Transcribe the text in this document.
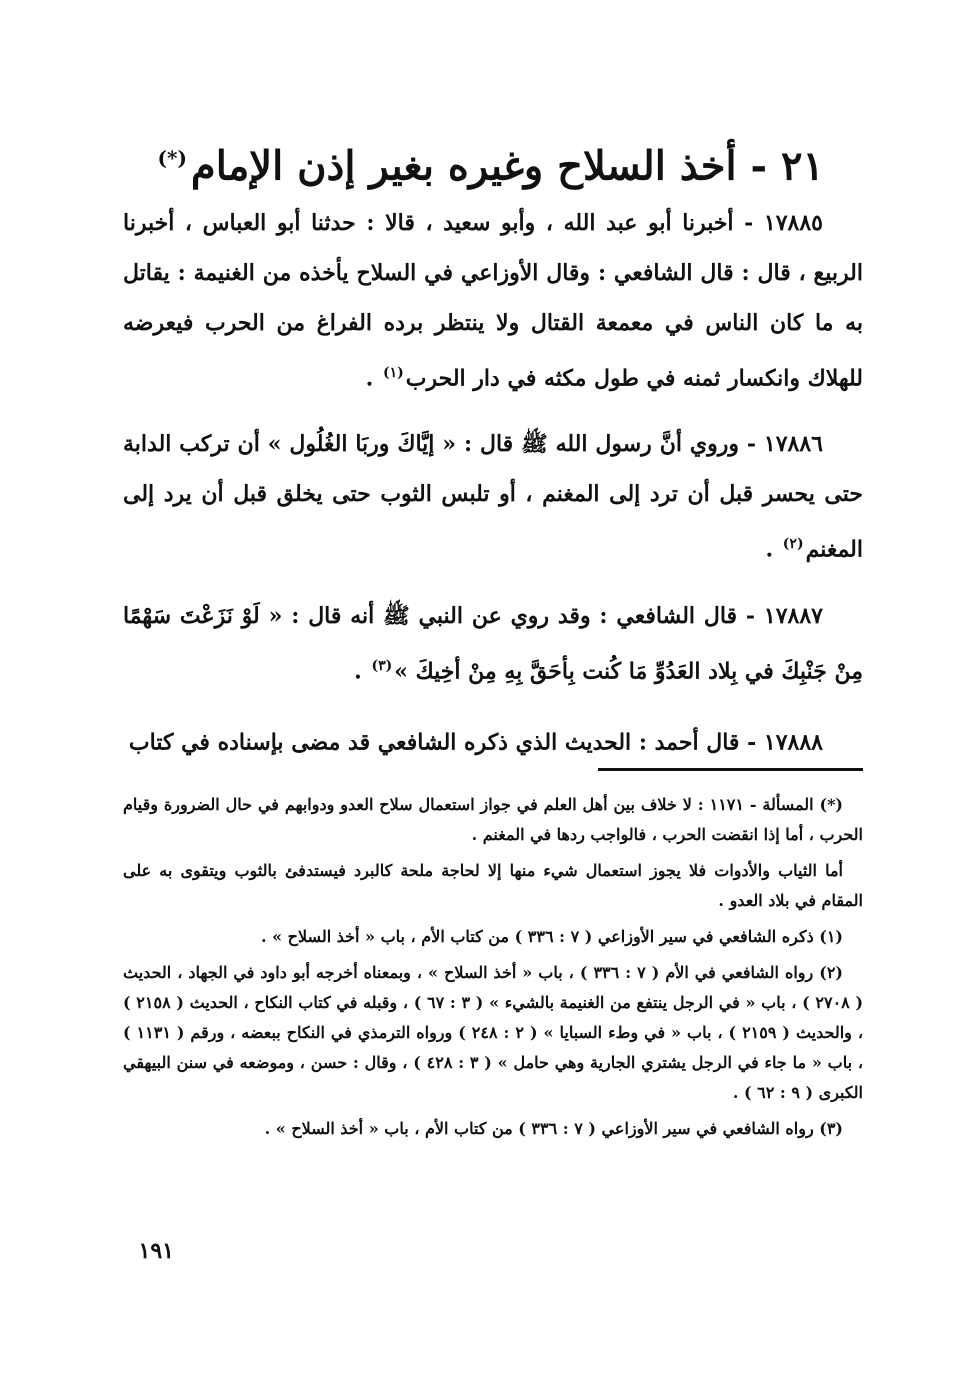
٢١ - أخذ السلاح وغيره بغير إذن الإمام(*)

١٧٨٨٥ - أخبرنا أبو عبد الله ، وأبو سعيد ، قالا : حدثنا أبو العباس ، أخبرنا الربيع ، قال : قال الشافعي : وقال الأوزاعي في السلاح يأخذه من الغنيمة : يقاتل به ما كان الناس في معمعة القتال ولا ينتظر برده الفراغ من الحرب فيعرضه للهلاك وانكسار ثمنه في طول مكثه في دار الحرب$^{(١)}$ .

١٧٨٨٦ - وروي أنَّ رسول الله ﷺ قال : « إيَّاكَ وربَا الغُلُول » أن تركب الدابة حتى يحسر قبل أن ترد إلى المغنم ، أو تلبس الثوب حتى يخلق قبل أن يرد إلى المغنم$^{(٢)}$ .

١٧٨٨٧ - قال الشافعي : وقد روي عن النبي ﷺ أنه قال : « لَوْ نَزَعْتَ سَهْمًا مِنْ جَنْبِكَ في بِلاد العَدُوِّ مَا كُنت بِأحَقَّ بِهِ مِنْ أخِيكَ »$^{(٣)}$ .

١٧٨٨٨ - قال أحمد : الحديث الذي ذكره الشافعي قد مضى بإسناده في كتاب

(*) المسألة - ١١٧١ : لا خلاف بين أهل العلم في جواز استعمال سلاح العدو ودوابهم في حال الضرورة وقيام الحرب ، أما إذا انقضت الحرب ، فالواجب ردها في المغنم .

أما الثياب والأدوات فلا يجوز استعمال شيء منها إلا لحاجة ملحة كالبرد فيستدفئ بالثوب ويتقوى به على المقام في بلاد العدو .

(١) ذكره الشافعي في سير الأوزاعي ( ٧ : ٣٣٦ ) من كتاب الأم ، باب « أخذ السلاح » .

(٢) رواه الشافعي في الأم ( ٧ : ٣٣٦ ) ، باب « أخذ السلاح » ، وبمعناه أخرجه أبو داود في الجهاد ، الحديث ( ٢٧٠٨ ) ، باب « في الرجل ينتفع من الغنيمة بالشيء » ( ٣ : ٦٧ ) ، وقبله في كتاب النكاح ، الحديث ( ٢١٥٨ ) ، والحديث ( ٢١٥٩ ) ، باب « في وطء السبايا » ( ٢ : ٢٤٨ ) ورواه الترمذي في النكاح ببعضه ، ورقم ( ١١٣١ ) ، باب « ما جاء في الرجل يشتري الجارية وهي حامل » ( ٣ : ٤٢٨ ) ، وقال : حسن ، وموضعه في سنن البيهقي الكبرى ( ٩ : ٦٢ ) .

(٣) رواه الشافعي في سير الأوزاعي ( ٧ : ٣٣٦ ) من كتاب الأم ، باب « أخذ السلاح » .

١٩١
